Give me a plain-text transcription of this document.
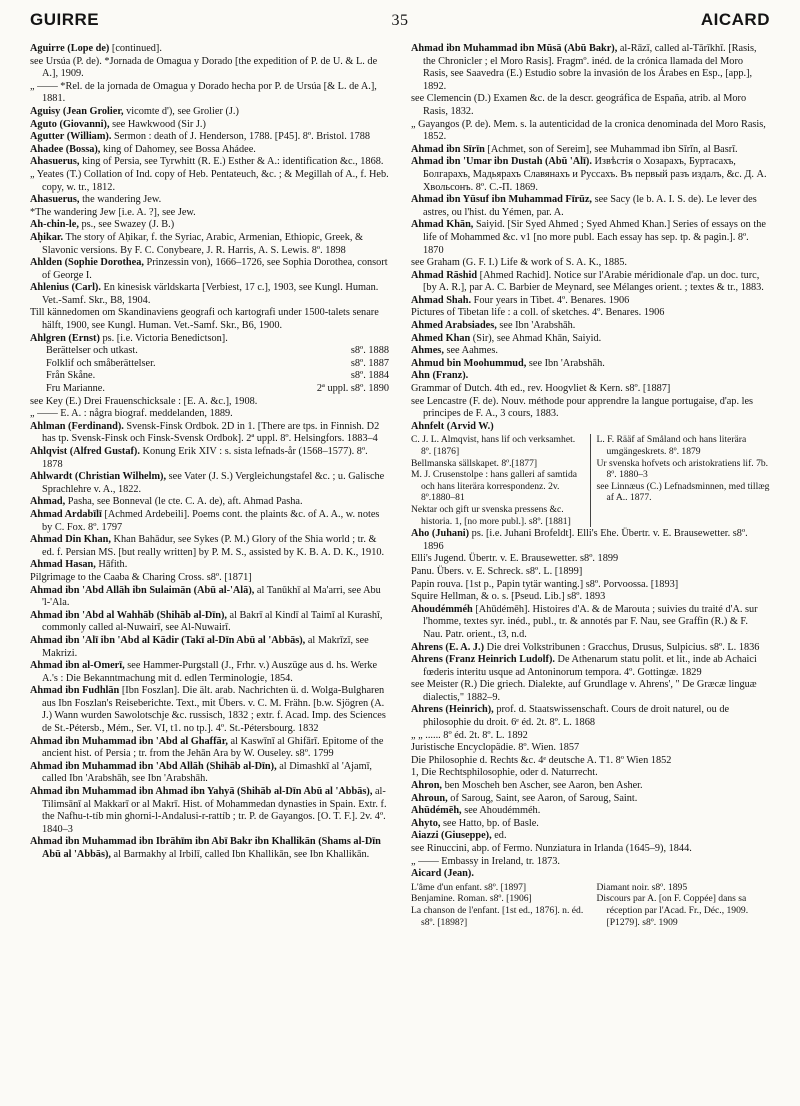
GUIRRE	35	AICARD

Aguirre (Lope de) [continued].

see Ursúa (P. de). *Jornada de Omagua y Dorado [the expedition of P. de U. & L. de A.], 1909.

„ —— *Rel. de la jornada de Omagua y Dorado hecha por P. de Ursúa [& L. de A.], 1881.

Aguisy (Jean Grolier, vicomte d'), see Grolier (J.)

Aguto (Giovanni), see Hawkwood (Sir J.)

Agutter (William). Sermon : death of J. Henderson, 1788. [P45]. 8º. Bristol. 1788

Ahadee (Bossa), king of Dahomey, see Bossa Ahádee.

Ahasuerus, king of Persia, see Tyrwhitt (R. E.) Esther & A.: identification &c., 1868.

„ Yeates (T.) Collation of Ind. copy of Heb. Pentateuch, &c. ; & Megillah of A., f. Heb. copy, w. tr., 1812.

Ahasuerus, the wandering Jew.

*The wandering Jew [i.e. A. ?], see Jew.

Ah-chin-le, ps., see Swazey (J. B.)

Aḥikar. The story of Aḥikar, f. the Syriac, Arabic, Armenian, Ethiopic, Greek, & Slavonic versions. By F. C. Conybeare, J. R. Harris, A. S. Lewis. 8º. 1898

Ahlden (Sophie Dorothea, Prinzessin von), 1666–1726, see Sophia Dorothea, consort of George I.

Ahlenius (Carl). En kinesisk världskarta [Verbiest, 17 c.], 1903, see Kungl. Human. Vet.-Samf. Skr., B8, 1904.

Till kännedomen om Skandinaviens geografi och kartografi under 1500-talets senare hälft, 1900, see Kungl. Human. Vet.-Samf. Skr., B6, 1900.

Ahlgren (Ernst) ps. [i.e. Victoria Benedictson].

Berättelser och utkast.	s8º. 1888
Folklif och småberättelser.	s8º. 1887
Från Skåne.	s8º. 1884
Fru Marianne.	2ª uppl. s8º. 1890

see Key (E.) Drei Frauenschicksale : [E. A. &c.], 1908.

„ —— E. A. : några biograf. meddelanden, 1889.

Ahlman (Ferdinand). Svensk-Finsk Ordbok. 2D in 1. [There are tps. in Finnish. D2 has tp. Svensk-Finsk och Finsk-Svensk Ordbok]. 2ª uppl. 8º. Helsingfors. 1883–4

Ahlqvist (Alfred Gustaf). Konung Erik XIV : s. sista lefnads-år (1568–1577). 8º. 1878

Ahlwardt (Christian Wilhelm), see Vater (J. S.) Vergleichungstafel &c. ; u. Galische Sprachlehre v. A., 1822.

Ahmad, Pasha, see Bonneval (le cte. C. A. de), aft. Ahmad Pasha.

Ahmad Ardabīlī [Achmed Ardebeili]. Poems cont. the plaints &c. of A. A., w. notes by C. Fox. 8º. 1797

Ahmad Din Khan, Khan Bahādur, see Sykes (P. M.) Glory of the Shia world ; tr. & ed. f. Persian MS. [but really written] by P. M. S., assisted by K. B. A. D. K., 1910.

Ahmad Hasan, Hāfith.

Pilgrimage to the Caaba & Charing Cross. s8º. [1871]

Ahmad ibn 'Abd Allāh ibn Sulaimān (Abū al-'Alā), al Tanūkhī al Ma'arri, see Abu 'l-'Ala.

Ahmad ibn 'Abd al Wahhāb (Shihāb al-Dīn), al Bakrī al Kindī al Taimī al Kurashī, commonly called al-Nuwairī, see Al-Nuwairī.

Ahmad ibn 'Alī ibn 'Abd al Kādir (Takī al-Dīn Abū al 'Abbās), al Makrīzī, see Makrizi.

Ahmad ibn al-Omerī, see Hammer-Purgstall (J., Frhr. v.) Auszüge aus d. hs. Werke A.'s : Die Bekanntmachung mit d. edlen Terminologie, 1854.

Ahmad ibn Fudhlān [Ibn Foszlan]. Die ält. arab. Nachrichten ü. d. Wolga-Bulgharen aus Ibn Foszlan's Reiseberichte. Text., mit Übers. v. C. M. Frähn. [b.w. Sjögren (A. J.) Wann wurden Sawolotschje &c. russisch, 1832 ; extr. f. Acad. Imp. des Sciences de St.-Pétersb., Mém., Ser. VI, t1. no tp.]. 4º. St.-Pétersbourg. 1832

Ahmad ibn Muhammad ibn 'Abd al Ghaffār, al Kaswīnī al Ghifārī. Epitome of the ancient hist. of Persia ; tr. from the Jehān Ara by W. Ouseley. s8º. 1799

Ahmad ibn Muhammad ibn 'Abd Allāh (Shihāb al-Dīn), al Dimashkī al 'Ajamī, called Ibn 'Arabshāh, see Ibn 'Arabshāh.

Ahmad ibn Muhammad ibn Ahmad ibn Yahyā (Shihāb al-Dīn Abū al 'Abbās), al-Tilimsānī al Makkarī or al Makrī. Hist. of Mohammedan dynasties in Spain. Extr. f. the Nafhu-t-tíb min ghorni-l-Andalusi-r-rattíb ; tr. P. de Gayangos. [O. T. F.]. 2v. 4º. 1840–3

Ahmad ibn Muhammad ibn Ibrāhīm ibn Abī Bakr ibn Khallikān (Shams al-Dīn Abū al 'Abbās), al Barmakhy al Irbilī, called Ibn Khallikān, see Ibn Khallikān.

Ahmad ibn Muhammad ibn Mūsā (Abū Bakr), al-Rāzī, called al-Tārīkhī. [Rasis, the Chronicler ; el Moro Rasis]. Fragmº. inéd. de la crónica llamada del Moro Rasis, see Saavedra (E.) Estudio sobre la invasión de los Árabes en Esp., [app.], 1892.

see Clemencin (D.) Examen &c. de la descr. geográfica de España, atrib. al Moro Rasis, 1832.

„ Gayangos (P. de). Mem. s. la autenticidad de la cronica denominada del Moro Rasis, 1852.

Ahmad ibn Sīrīn [Achmet, son of Sereim], see Muhammad ibn Sīrīn, al Basrī.

Ahmad ibn 'Umar ibn Dustah (Abū 'Alī). Извѣстія о Хозарахъ, Буртасахъ, Болгарахъ, Мадьярахъ Славянахъ и Руссахъ. Въ первый разъ издалъ, &c. Д. А. Хвольсонъ. 8º. C.-П. 1869.

Ahmad ibn Yūsuf ibn Muhammad Fīrūz, see Sacy (le b. A. I. S. de). Le lever des astres, ou l'hist. du Yémen, par. A.

Ahmad Khān, Saiyid. [Sir Syed Ahmed ; Syed Ahmed Khan.] Series of essays on the life of Mohammed &c. v1 [no more publ. Each essay has sep. tp. & pagin.]. 8º. 1870

see Graham (G. F. I.) Life & work of S. A. K., 1885.

Ahmad Rāshid [Ahmed Rachid]. Notice sur l'Arabie méridionale d'ap. un doc. turc, [by A. R.], par A. C. Barbier de Meynard, see Mélanges orient. ; textes & tr., 1883.

Ahmad Shah. Four years in Tibet. 4º. Benares. 1906

Pictures of Tibetan life : a coll. of sketches. 4º. Benares. 1906

Ahmed Arabsiades, see Ibn 'Arabshāh.

Ahmed Khan (Sir), see Ahmad Khān, Saiyid.

Ahmes, see Aahmes.

Ahmud bin Moohummud, see Ibn 'Arabshāh.

Ahn (Franz).

Grammar of Dutch. 4th ed., rev. Hoogvliet & Kern. s8º. [1887]

see Lencastre (F. de). Nouv. méthode pour apprendre la langue portugaise, d'ap. les principes de F. A., 3 cours, 1883.

Ahnfelt (Arvid W.)

C. J. L. Almqvist, hans lif och verksamhet. 8º. [1876]

Bellmanska sällskapet. 8º.[1877]

M. J. Crusenstolpe : hans galleri af samtida och hans literära korrespondenz. 2v. 8º.1880–81

Nektar och gift ur svenska pressens &c. historia. 1, [no more publ.]. s8º. [1881]

L. F. Rääf af Småland och hans literära umgängeskrets. 8º. 1879

Ur svenska hofvets och aristokratiens lif. 7b. 8º. 1880–3

see Linnæus (C.) Lefnadsminnen, med tillæg af A.. 1877.

Aho (Juhani) ps. [i.e. Juhani Brofeldt]. Elli's Ehe. Übertr. v. E. Brausewetter. s8º. 1896

Elli's Jugend. Übertr. v. E. Brausewetter. s8º. 1899

Panu. Übers. v. E. Schreck. s8º. L. [1899]

Papin rouva. [1st p., Papin tytär wanting.] s8º. Porvoossa. [1893]

Squire Hellman, & o. s. [Pseud. Lib.] s8º. 1893

Ahoudémméh [Ahūdémēh]. Histoires d'A. & de Marouta ; suivies du traité d'A. sur l'homme, textes syr. inéd., publ., tr. & annotés par F. Nau, see Graffin (R.) & F. Nau. Patr. orient., t3, n.d.

Ahrens (E. A. J.) Die drei Volkstribunen : Gracchus, Drusus, Sulpicius. s8º. L. 1836

Ahrens (Franz Heinrich Ludolf). De Athenarum statu polit. et lit., inde ab Achaici fœderis interitu usque ad Antoninorum tempora. 4º. Gottingæ. 1829

see Meister (R.) Die griech. Dialekte, auf Grundlage v. Ahrens', " De Græcæ linguæ dialectis," 1882–9.

Ahrens (Heinrich), prof. d. Staatswissenschaft. Cours de droit naturel, ou de philosophie du droit. 6ᵉ éd. 2t. 8º. L. 1868

„ „ ...... 8º éd. 2t. 8º. L. 1892

Juristische Encyclopädie. 8º. Wien. 1857

Die Philosophie d. Rechts &c. 4ᵉ deutsche A. T1. 8º Wien 1852

1, Die Rechtsphilosophie, oder d. Naturrecht.

Ahron, ben Moscheh ben Ascher, see Aaron, ben Asher.

Ahroun, of Saroug, Saint, see Aaron, of Saroug, Saint.

Ahūdémēh, see Ahoudémméh.

Ahyto, see Hatto, bp. of Basle.

Aiazzi (Giuseppe), ed.

see Rinuccini, abp. of Fermo. Nunziatura in Irlanda (1645–9), 1844.

„ —— Embassy in Ireland, tr. 1873.

Aicard (Jean).

L'âme d'un enfant. s8º. [1897]

Benjamine. Roman. s8º. [1906]

La chanson de l'enfant. [1st ed., 1876]. n. éd. s8º. [1898?]

Diamant noir. s8º. 1895

Discours par A. [on F. Coppée] dans sa réception par l'Acad. Fr., Déc., 1909. [P1279]. s8º. 1909
